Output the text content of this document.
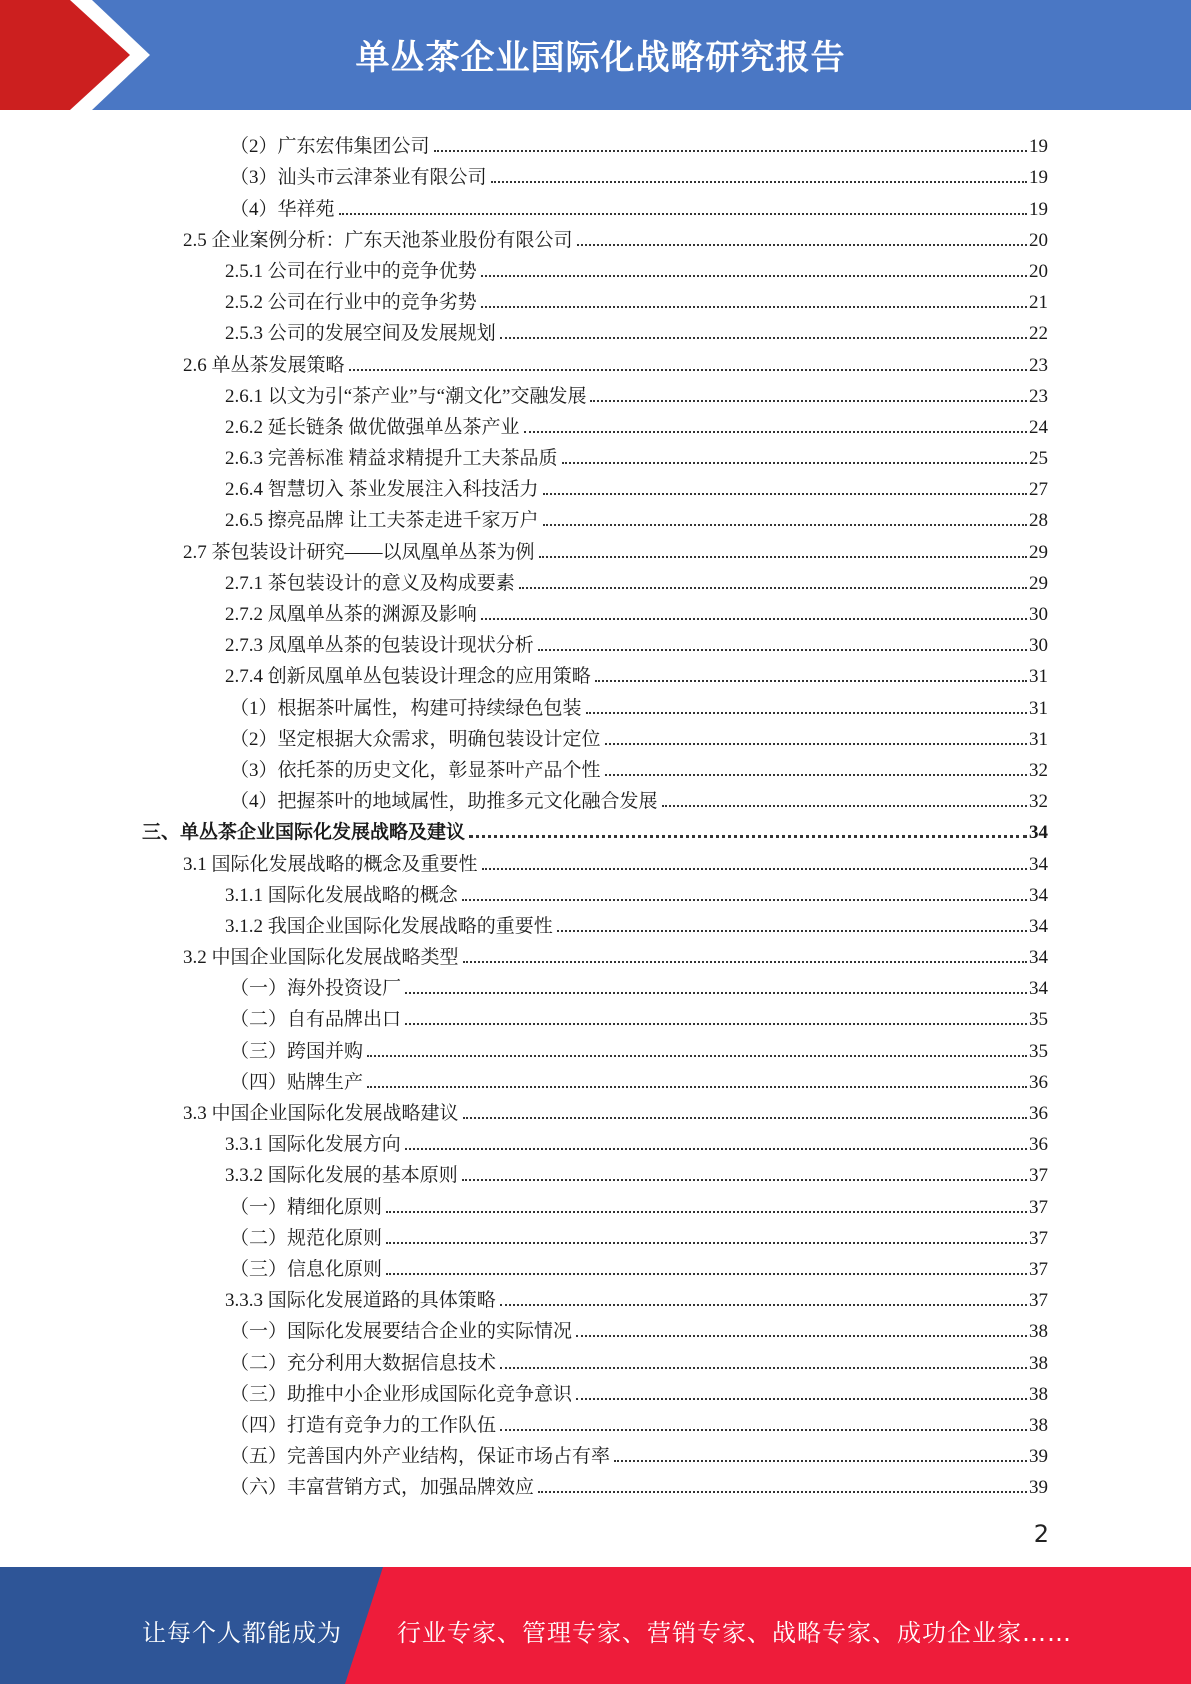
单丛茶企业国际化战略研究报告
（2）广东宏伟集团公司	19
（3）汕头市云津茶业有限公司	19
（4）华祥苑	19
2.5 企业案例分析：广东天池茶业股份有限公司	20
2.5.1 公司在行业中的竞争优势	20
2.5.2 公司在行业中的竞争劣势	21
2.5.3 公司的发展空间及发展规划	22
2.6 单丛茶发展策略	23
2.6.1 以文为引“茶产业”与“潮文化”交融发展	23
2.6.2 延长链条 做优做强单丛茶产业	24
2.6.3 完善标准 精益求精提升工夫茶品质	25
2.6.4 智慧切入 茶业发展注入科技活力	27
2.6.5 擦亮品牌 让工夫茶走进千家万户	28
2.7 茶包装设计研究——以凤凰单丛茶为例	29
2.7.1 茶包装设计的意义及构成要素	29
2.7.2 凤凰单丛茶的渊源及影响	30
2.7.3 凤凰单丛茶的包装设计现状分析	30
2.7.4 创新凤凰单丛包装设计理念的应用策略	31
（1）根据茶叶属性，构建可持续绿色包装	31
（2）坚定根据大众需求，明确包装设计定位	31
（3）依托茶的历史文化，彰显茶叶产品个性	32
（4）把握茶叶的地域属性，助推多元文化融合发展	32
三、单丛茶企业国际化发展战略及建议	34
3.1 国际化发展战略的概念及重要性	34
3.1.1 国际化发展战略的概念	34
3.1.2 我国企业国际化发展战略的重要性	34
3.2 中国企业国际化发展战略类型	34
（一）海外投资设厂	34
（二）自有品牌出口	35
（三）跨国并购	35
（四）贴牌生产	36
3.3 中国企业国际化发展战略建议	36
3.3.1 国际化发展方向	36
3.3.2 国际化发展的基本原则	37
（一）精细化原则	37
（二）规范化原则	37
（三）信息化原则	37
3.3.3 国际化发展道路的具体策略	37
（一）国际化发展要结合企业的实际情况	38
（二）充分利用大数据信息技术	38
（三）助推中小企业形成国际化竞争意识	38
（四）打造有竞争力的工作队伍	38
（五）完善国内外产业结构，保证市场占有率	39
（六）丰富营销方式，加强品牌效应	39
2
让每个人都能成为 行业专家、管理专家、营销专家、战略专家、成功企业家……
